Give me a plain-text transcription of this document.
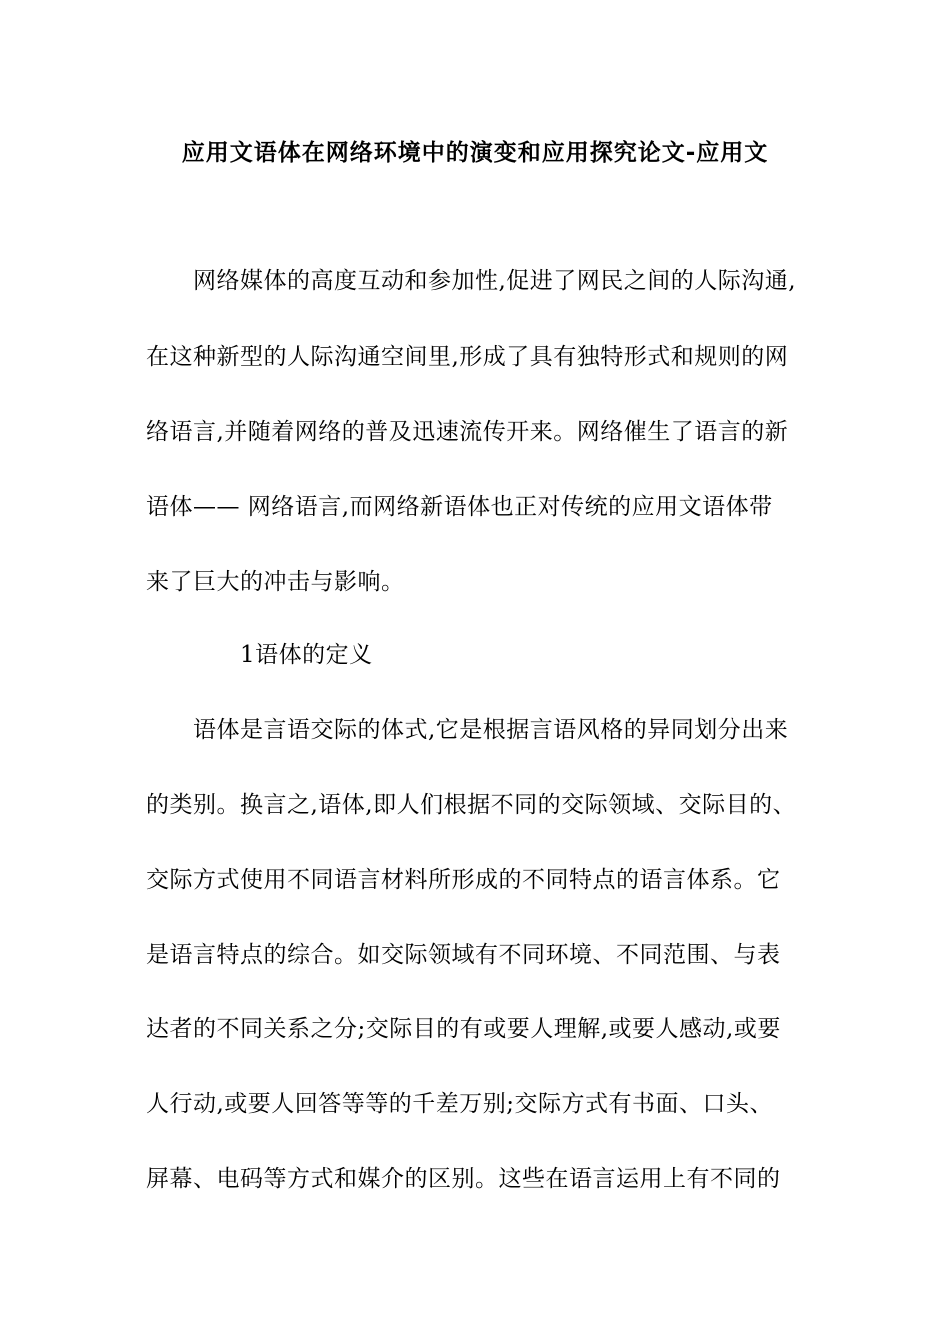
应用文语体在网络环境中的演变和应用探究论文-应用文
网络媒体的高度互动和参加性,促进了网民之间的人际沟通,
在这种新型的人际沟通空间里,形成了具有独特形式和规则的网
络语言,并随着网络的普及迅速流传开来。网络催生了语言的新
语体—— 网络语言,而网络新语体也正对传统的应用文语体带
来了巨大的冲击与影响。
1语体的定义
语体是言语交际的体式,它是根据言语风格的异同划分出来
的类别。换言之,语体,即人们根据不同的交际领域、交际目的、
交际方式使用不同语言材料所形成的不同特点的语言体系。它
是语言特点的综合。如交际领域有不同环境、不同范围、与表
达者的不同关系之分;交际目的有或要人理解,或要人感动,或要
人行动,或要人回答等等的千差万别;交际方式有书面、口头、
屏幕、电码等方式和媒介的区别。这些在语言运用上有不同的
